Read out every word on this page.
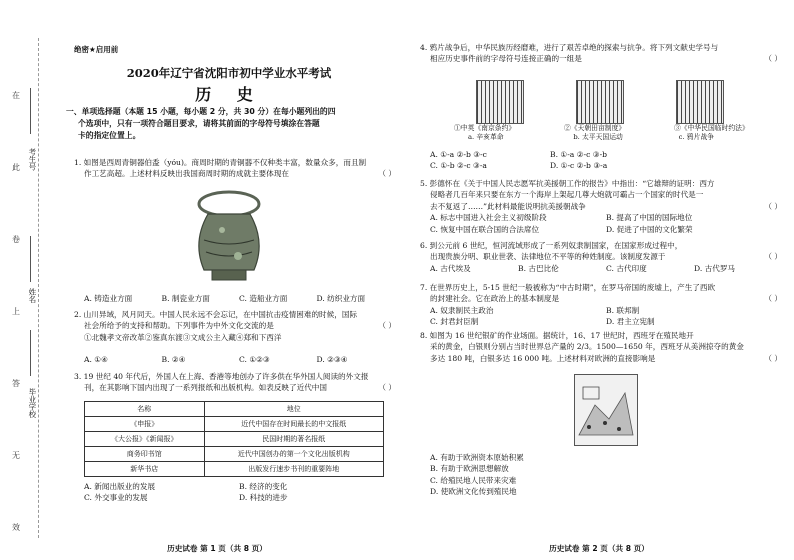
在
此
卷
上
答
无
效
考生号
姓名
毕业学校
绝密★启用前
2020年辽宁省沈阳市初中学业水平考试
历 史
一、单项选择题（本题 15 小题，每小题 2 分，共 30 分）在每小题列出的四
个选项中，只有一项符合题目要求，请将其前面的字母符号填涂在答题
卡的指定位置上。
1. 如图是西周青铜器伯盉（yóu)。商周时期的青铜器不仅种类丰富，数量众多，而且制
作工艺高超。上述材料反映出我国商周时期的成就主要体现在	（ ）
A. 铸造业方面	B. 制瓷业方面	C. 造船业方面	D. 纺织业方面
2. 山川异域，风月同天。中国人民永远不会忘记，在中国抗击疫情困难的时候，国际
社会所给予的支持和帮助。下列事件为中外文化交流的是	（ ）
①北魏孝文帝改革②鉴真东渡③文成公主入藏④郑和下西洋
A. ①④	B. ②④	C. ①②③	D. ②③④
3. 19 世纪 40 年代后，外国人在上海、香港等地创办了许多供在华外国人阅读的外文报
刊，在其影响下国内出现了一系列报纸和出版机构。如表反映了近代中国	（ ）
名称	地位
《申报》	近代中国存在时间最长的中文报纸
《大公报》《新闻报》	民国时期的著名报纸
商务印书馆	近代中国创办的第一个文化出版机构
新华书店	出版发行速步书刊的重要阵地
A. 新闻出版业的发展	B. 经济的变化
C. 外交事业的发展	D. 科技的进步
历史试卷 第 1 页（共 8 页）
4. 鸦片战争后，中华民族历经磨难，进行了艰苦卓绝的探索与抗争。将下列文献史学号与
相应历史事件前的字母符号连接正确的一组是	（ ）
①中英《南京条约》	②《天朝田亩制度》	③《中华民国临时约法》
a. 辛亥革命	b. 太平天国运动	c. 鸦片战争
A. ①-a ②-b ③-c	B. ①-a ②-c ③-b
C. ①-b ②-c ③-a	D. ①-c ②-b ③-a
5. 彭德怀在《关于中国人民志愿军抗美援朝工作的报告》中指出：“它雄辩的证明：西方
侵略者几百年来只要在东方一个海岸上架起几尊大炮就可霸占一个国家的时代是一
去不复返了……”此材料最能说明抗美援朝战争	（ ）
A. 标志中国进入社会主义初级阶段	B. 提高了中国的国际地位
C. 恢复中国在联合国的合法席位	D. 促进了中国的文化繁荣
6. 到公元前 6 世纪，恒河流域形成了一系列奴隶制国家，在国家形成过程中，
出现贵族分明、职业世袭、法律地位不平等的种姓制度。该制度发源于	（ ）
A. 古代埃及	B. 古巴比伦	C. 古代印度	D. 古代罗马
7. 在世界历史上，5-15 世纪一般被称为“中古时期”，在罗马帝国的废墟上，产生了西欧
的封建社会。它在政治上的基本制度是	（ ）
A. 奴隶制民主政治	B. 联邦制
C. 封君封臣制	D. 君主立宪制
8. 如图为 16 世纪银矿的作业场面。据统计，16、17 世纪时，西班牙在殖民地开
采的黄金，白银则分别占当时世界总产量的 2/3。1500—1650 年，西班牙从美洲掠夺的黄金
多达 180 吨，白银多达 16 000 吨。上述材料对欧洲的直接影响是	（ ）
A. 有助于欧洲资本原始积累
B. 有助于欧洲思想解放
C. 给殖民地人民带来灾难
D. 使欧洲文化传到殖民地
历史试卷 第 2 页（共 8 页）
